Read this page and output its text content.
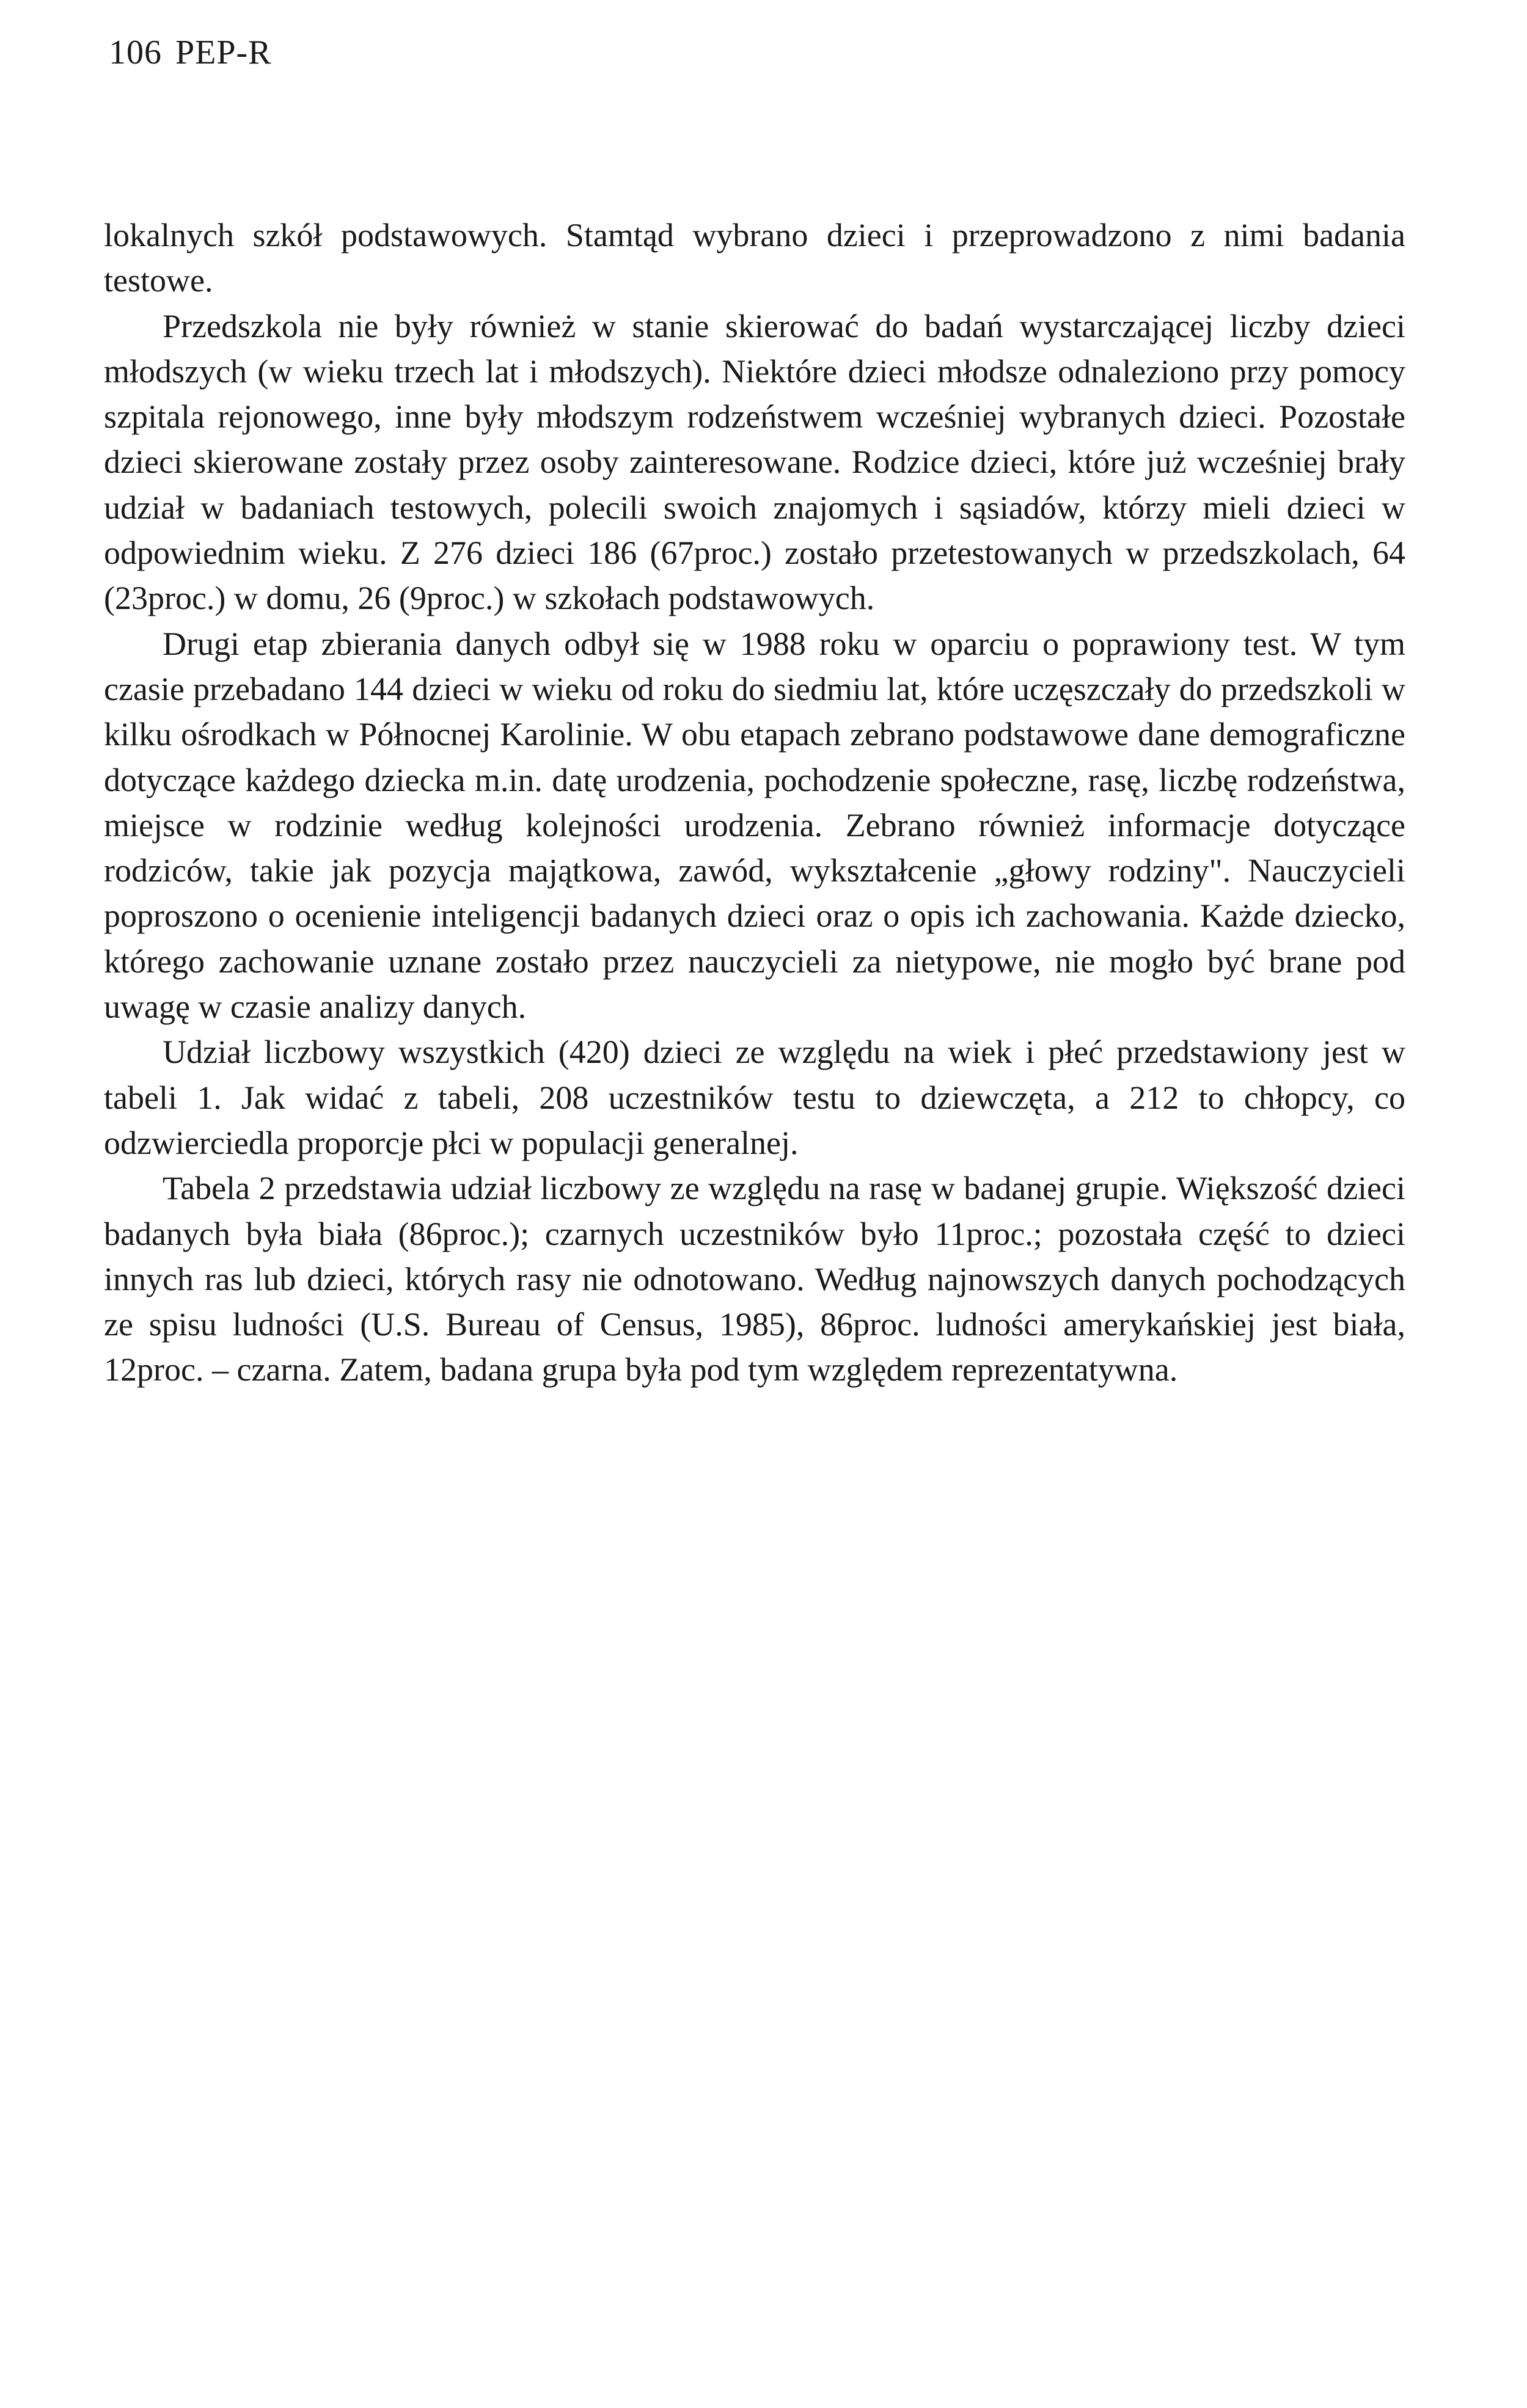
106 PEP-R

lokalnych szkół podstawowych. Stamtąd wybrano dzieci i przeprowadzono z nimi badania testowe.

Przedszkola nie były również w stanie skierować do badań wystarczającej liczby dzieci młodszych (w wieku trzech lat i młodszych). Niektóre dzieci młodsze odnaleziono przy pomocy szpitala rejonowego, inne były młodszym rodzeństwem wcześniej wybranych dzieci. Pozostałe dzieci skierowane zostały przez osoby zainteresowane. Rodzice dzieci, które już wcześniej brały udział w badaniach testowych, polecili swoich znajomych i sąsiadów, którzy mieli dzieci w odpowiednim wieku. Z 276 dzieci 186 (67proc.) zostało przetestowanych w przedszkolach, 64 (23proc.) w domu, 26 (9proc.) w szkołach podstawowych.

Drugi etap zbierania danych odbył się w 1988 roku w oparciu o poprawiony test. W tym czasie przebadano 144 dzieci w wieku od roku do siedmiu lat, które uczęszczały do przedszkoli w kilku ośrodkach w Północnej Karolinie. W obu etapach zebrano podstawowe dane demograficzne dotyczące każdego dziecka m.in. datę urodzenia, pochodzenie społeczne, rasę, liczbę rodzeństwa, miejsce w rodzinie według kolejności urodzenia. Zebrano również informacje dotyczące rodziców, takie jak pozycja majątkowa, zawód, wykształcenie „głowy rodziny". Nauczycieli poproszono o ocenienie inteligencji badanych dzieci oraz o opis ich zachowania. Każde dziecko, którego zachowanie uznane zostało przez nauczycieli za nietypowe, nie mogło być brane pod uwagę w czasie analizy danych.

Udział liczbowy wszystkich (420) dzieci ze względu na wiek i płeć przedstawiony jest w tabeli 1. Jak widać z tabeli, 208 uczestników testu to dziewczęta, a 212 to chłopcy, co odzwierciedla proporcje płci w populacji generalnej.

Tabela 2 przedstawia udział liczbowy ze względu na rasę w badanej grupie. Większość dzieci badanych była biała (86proc.); czarnych uczestników było 11proc.; pozostała część to dzieci innych ras lub dzieci, których rasy nie odnotowano. Według najnowszych danych pochodzących ze spisu ludności (U.S. Bureau of Census, 1985), 86proc. ludności amerykańskiej jest biała, 12proc. – czarna. Zatem, badana grupa była pod tym względem reprezentatywna.
